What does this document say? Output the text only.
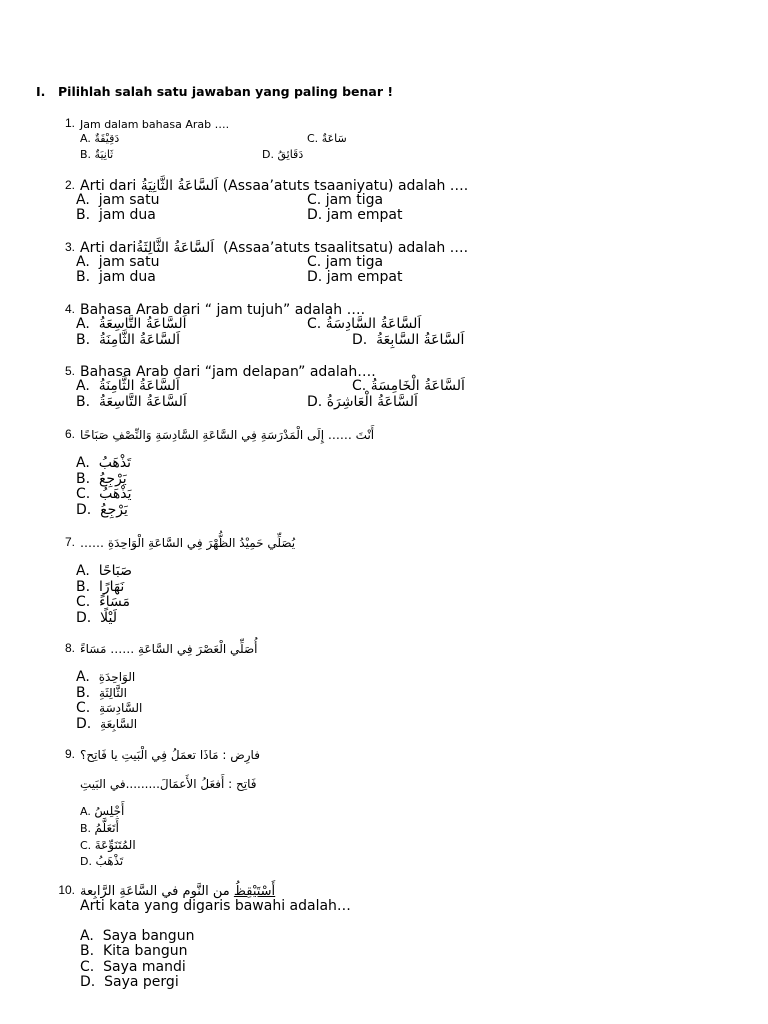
I. Pilihlah salah satu jawaban yang paling benar !
1. Jam dalam bahasa Arab ….
A. دَقِيْقَةٌ	C. سَاعَةٌ
B. ثَانِيَةٌ	D. دَقَائِقُ
2. Arti dari اَلسَّاعَةُ الثَّانِيَةُ (Assaa’atuts tsaaniyatu) adalah ….
A. jam satu	C. jam tiga
B. jam dua	D. jam empat
3. Arti dariاَلسَّاعَةُ الثَّالِثَةُ (Assaa’atuts tsaalitsatu) adalah ….
A. jam satu	C. jam tiga
B. jam dua	D. jam empat
4. Bahasa Arab dari “ jam tujuh” adalah ….
A. اَلسَّاعَةُ التَّاسِعَةُ	C. اَلسَّاعَةُ السَّادِسَةُ
B. اَلسَّاعَةُ الثَّامِنَةُ	D. اَلسَّاعَةُ السَّابِعَةُ
5. Bahasa Arab dari “jam delapan” adalah….
A. اَلسَّاعَةُ الثَّامِنَةُ	C. اَلسَّاعَةُ الْخَامِسَةُ
B. اَلسَّاعَةُ التَّاسِعَةُ	D. اَلسَّاعَةُ الْعَاشِرَةُ
6. أَنْتَ …… إِلَى الْمَدْرَسَةِ فِي السَّاعَةِ السَّادِسَةِ وَالنِّصْفِ صَبَاحًا
A. تَذْهَبُ
B. يَرْجِعُ
C. يَذْهَبُ
D. يَرْجِعُ
7. يُصَلِّي حَمِيْدُ الظُّهْرَ فِي السَّاعَةِ الْوَاحِدَةِ ……
A. صَبَاحًا
B. نَهَارًا
C. مَسَاءً
D. لَيْلًا
8. أُصَلِّي الْعَصْرَ فِي السَّاعَةِ …… مَسَاءً
A. الوَاحِدَةِ
B. الثَّالِثَةِ
C. السَّادِسَةِ
D. السَّابِعَةِ
9. فارِض : مَاذَا تعمَلُ فِي الْبَيتِ يا فَاتِح؟
فَاتِح : أَفعَلُ الأَعمَالَ.........في البَيتِ
A. أَجْلِسُ
B. أَتَعَلَّمُ
C. المُتَنَوِّعَةَ
D. تَذْهَبُ
10.	أَسْتَيْقِظُ من النَّوم في السَّاعَةِ الرَّابِعة
Arti kata yang digaris bawahi adalah…
A. Saya bangun
B. Kita bangun
C. Saya mandi
D. Saya pergi
